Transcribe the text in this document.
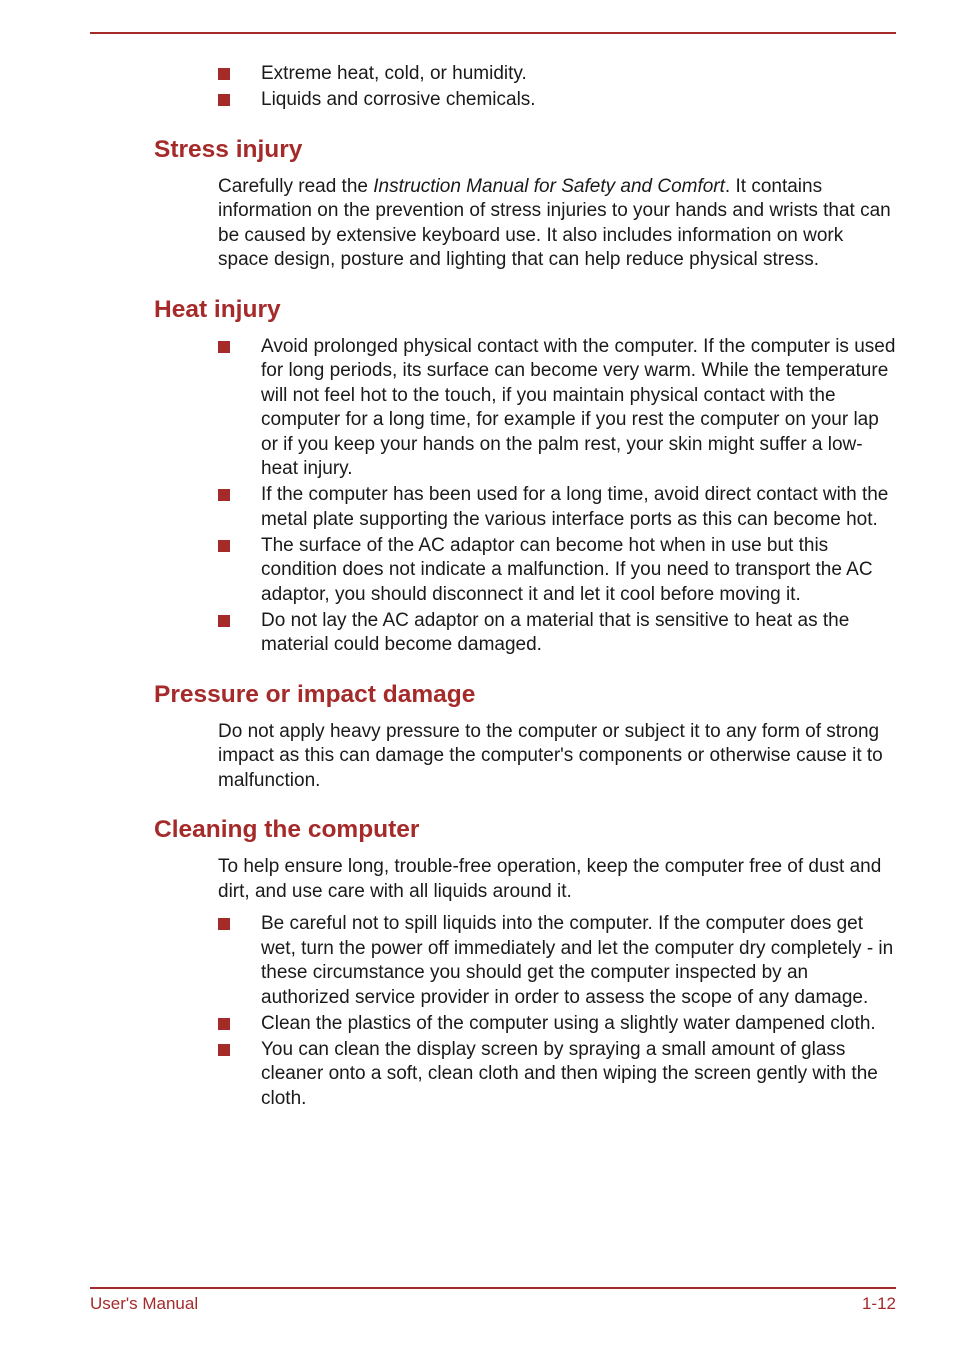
Extreme heat, cold, or humidity.
Liquids and corrosive chemicals.
Stress injury

Carefully read the Instruction Manual for Safety and Comfort. It contains information on the prevention of stress injuries to your hands and wrists that can be caused by extensive keyboard use. It also includes information on work space design, posture and lighting that can help reduce physical stress.

Heat injury
Avoid prolonged physical contact with the computer. If the computer is used for long periods, its surface can become very warm. While the temperature will not feel hot to the touch, if you maintain physical contact with the computer for a long time, for example if you rest the computer on your lap or if you keep your hands on the palm rest, your skin might suffer a low-heat injury.
If the computer has been used for a long time, avoid direct contact with the metal plate supporting the various interface ports as this can become hot.
The surface of the AC adaptor can become hot when in use but this condition does not indicate a malfunction. If you need to transport the AC adaptor, you should disconnect it and let it cool before moving it.
Do not lay the AC adaptor on a material that is sensitive to heat as the material could become damaged.
Pressure or impact damage

Do not apply heavy pressure to the computer or subject it to any form of strong impact as this can damage the computer's components or otherwise cause it to malfunction.

Cleaning the computer

To help ensure long, trouble-free operation, keep the computer free of dust and dirt, and use care with all liquids around it.

Be careful not to spill liquids into the computer. If the computer does get wet, turn the power off immediately and let the computer dry completely - in these circumstance you should get the computer inspected by an authorized service provider in order to assess the scope of any damage.
Clean the plastics of the computer using a slightly water dampened cloth.
You can clean the display screen by spraying a small amount of glass cleaner onto a soft, clean cloth and then wiping the screen gently with the cloth.
User's Manual	1-12
